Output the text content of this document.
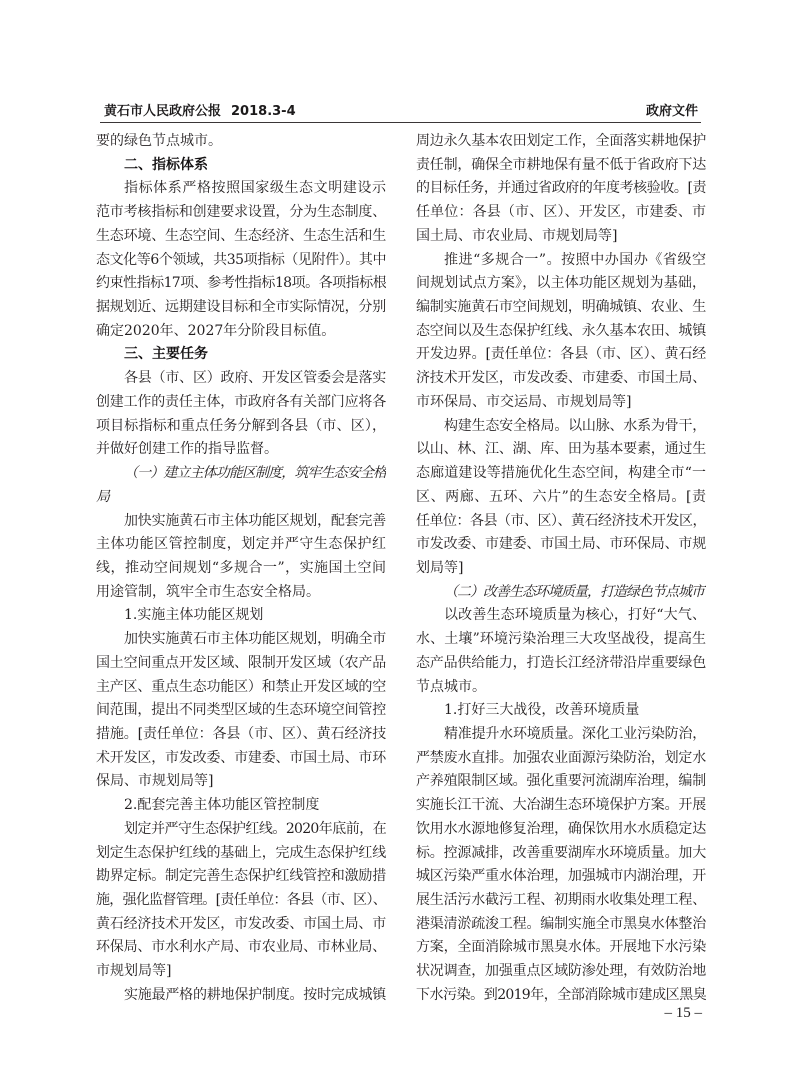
黄石市人民政府公报 2018.3-4	政府文件
要的绿色节点城市。
二、指标体系
指标体系严格按照国家级生态文明建设示
范市考核指标和创建要求设置，分为生态制度、
生态环境、生态空间、生态经济、生态生活和生
态文化等6个领域，共35项指标（见附件）。其中
约束性指标17项、参考性指标18项。各项指标根
据规划近、远期建设目标和全市实际情况，分别
确定2020年、2027年分阶段目标值。
三、主要任务
各县（市、区）政府、开发区管委会是落实
创建工作的责任主体，市政府各有关部门应将各
项目标指标和重点任务分解到各县（市、区），
并做好创建工作的指导监督。
（一）建立主体功能区制度，筑牢生态安全格
局
加快实施黄石市主体功能区规划，配套完善
主体功能区管控制度，划定并严守生态保护红
线，推动空间规划“多规合一”，实施国土空间
用途管制，筑牢全市生态安全格局。
1.实施主体功能区规划
加快实施黄石市主体功能区规划，明确全市
国土空间重点开发区域、限制开发区域（农产品
主产区、重点生态功能区）和禁止开发区域的空
间范围，提出不同类型区域的生态环境空间管控
措施。[责任单位：各县（市、区）、黄石经济技
术开发区，市发改委、市建委、市国土局、市环
保局、市规划局等]
2.配套完善主体功能区管控制度
划定并严守生态保护红线。2020年底前，在
划定生态保护红线的基础上，完成生态保护红线
勘界定标。制定完善生态保护红线管控和激励措
施，强化监督管理。[责任单位：各县（市、区）、
黄石经济技术开发区，市发改委、市国土局、市
环保局、市水利水产局、市农业局、市林业局、
市规划局等]
实施最严格的耕地保护制度。按时完成城镇
周边永久基本农田划定工作，全面落实耕地保护
责任制，确保全市耕地保有量不低于省政府下达
的目标任务，并通过省政府的年度考核验收。[责
任单位：各县（市、区）、开发区，市建委、市
国土局、市农业局、市规划局等]
推进“多规合一”。按照中办国办《省级空
间规划试点方案》，以主体功能区规划为基础，
编制实施黄石市空间规划，明确城镇、农业、生
态空间以及生态保护红线、永久基本农田、城镇
开发边界。[责任单位：各县（市、区）、黄石经
济技术开发区，市发改委、市建委、市国土局、
市环保局、市交运局、市规划局等]
构建生态安全格局。以山脉、水系为骨干，
以山、林、江、湖、库、田为基本要素，通过生
态廊道建设等措施优化生态空间，构建全市“一
区、两廊、五环、六片”的生态安全格局。[责
任单位：各县（市、区）、黄石经济技术开发区，
市发改委、市建委、市国土局、市环保局、市规
划局等]
（二）改善生态环境质量，打造绿色节点城市
以改善生态环境质量为核心，打好“大气、
水、土壤”环境污染治理三大攻坚战役，提高生
态产品供给能力，打造长江经济带沿岸重要绿色
节点城市。
1.打好三大战役，改善环境质量
精准提升水环境质量。深化工业污染防治，
严禁废水直排。加强农业面源污染防治，划定水
产养殖限制区域。强化重要河流湖库治理，编制
实施长江干流、大冶湖生态环境保护方案。开展
饮用水水源地修复治理，确保饮用水水质稳定达
标。控源减排，改善重要湖库水环境质量。加大
城区污染严重水体治理，加强城市内湖治理，开
展生活污水截污工程、初期雨水收集处理工程、
港渠清淤疏浚工程。编制实施全市黑臭水体整治
方案，全面消除城市黑臭水体。开展地下水污染
状况调查，加强重点区域防渗处理，有效防治地
下水污染。到2019年，全部消除城市建成区黑臭
– 15 –
